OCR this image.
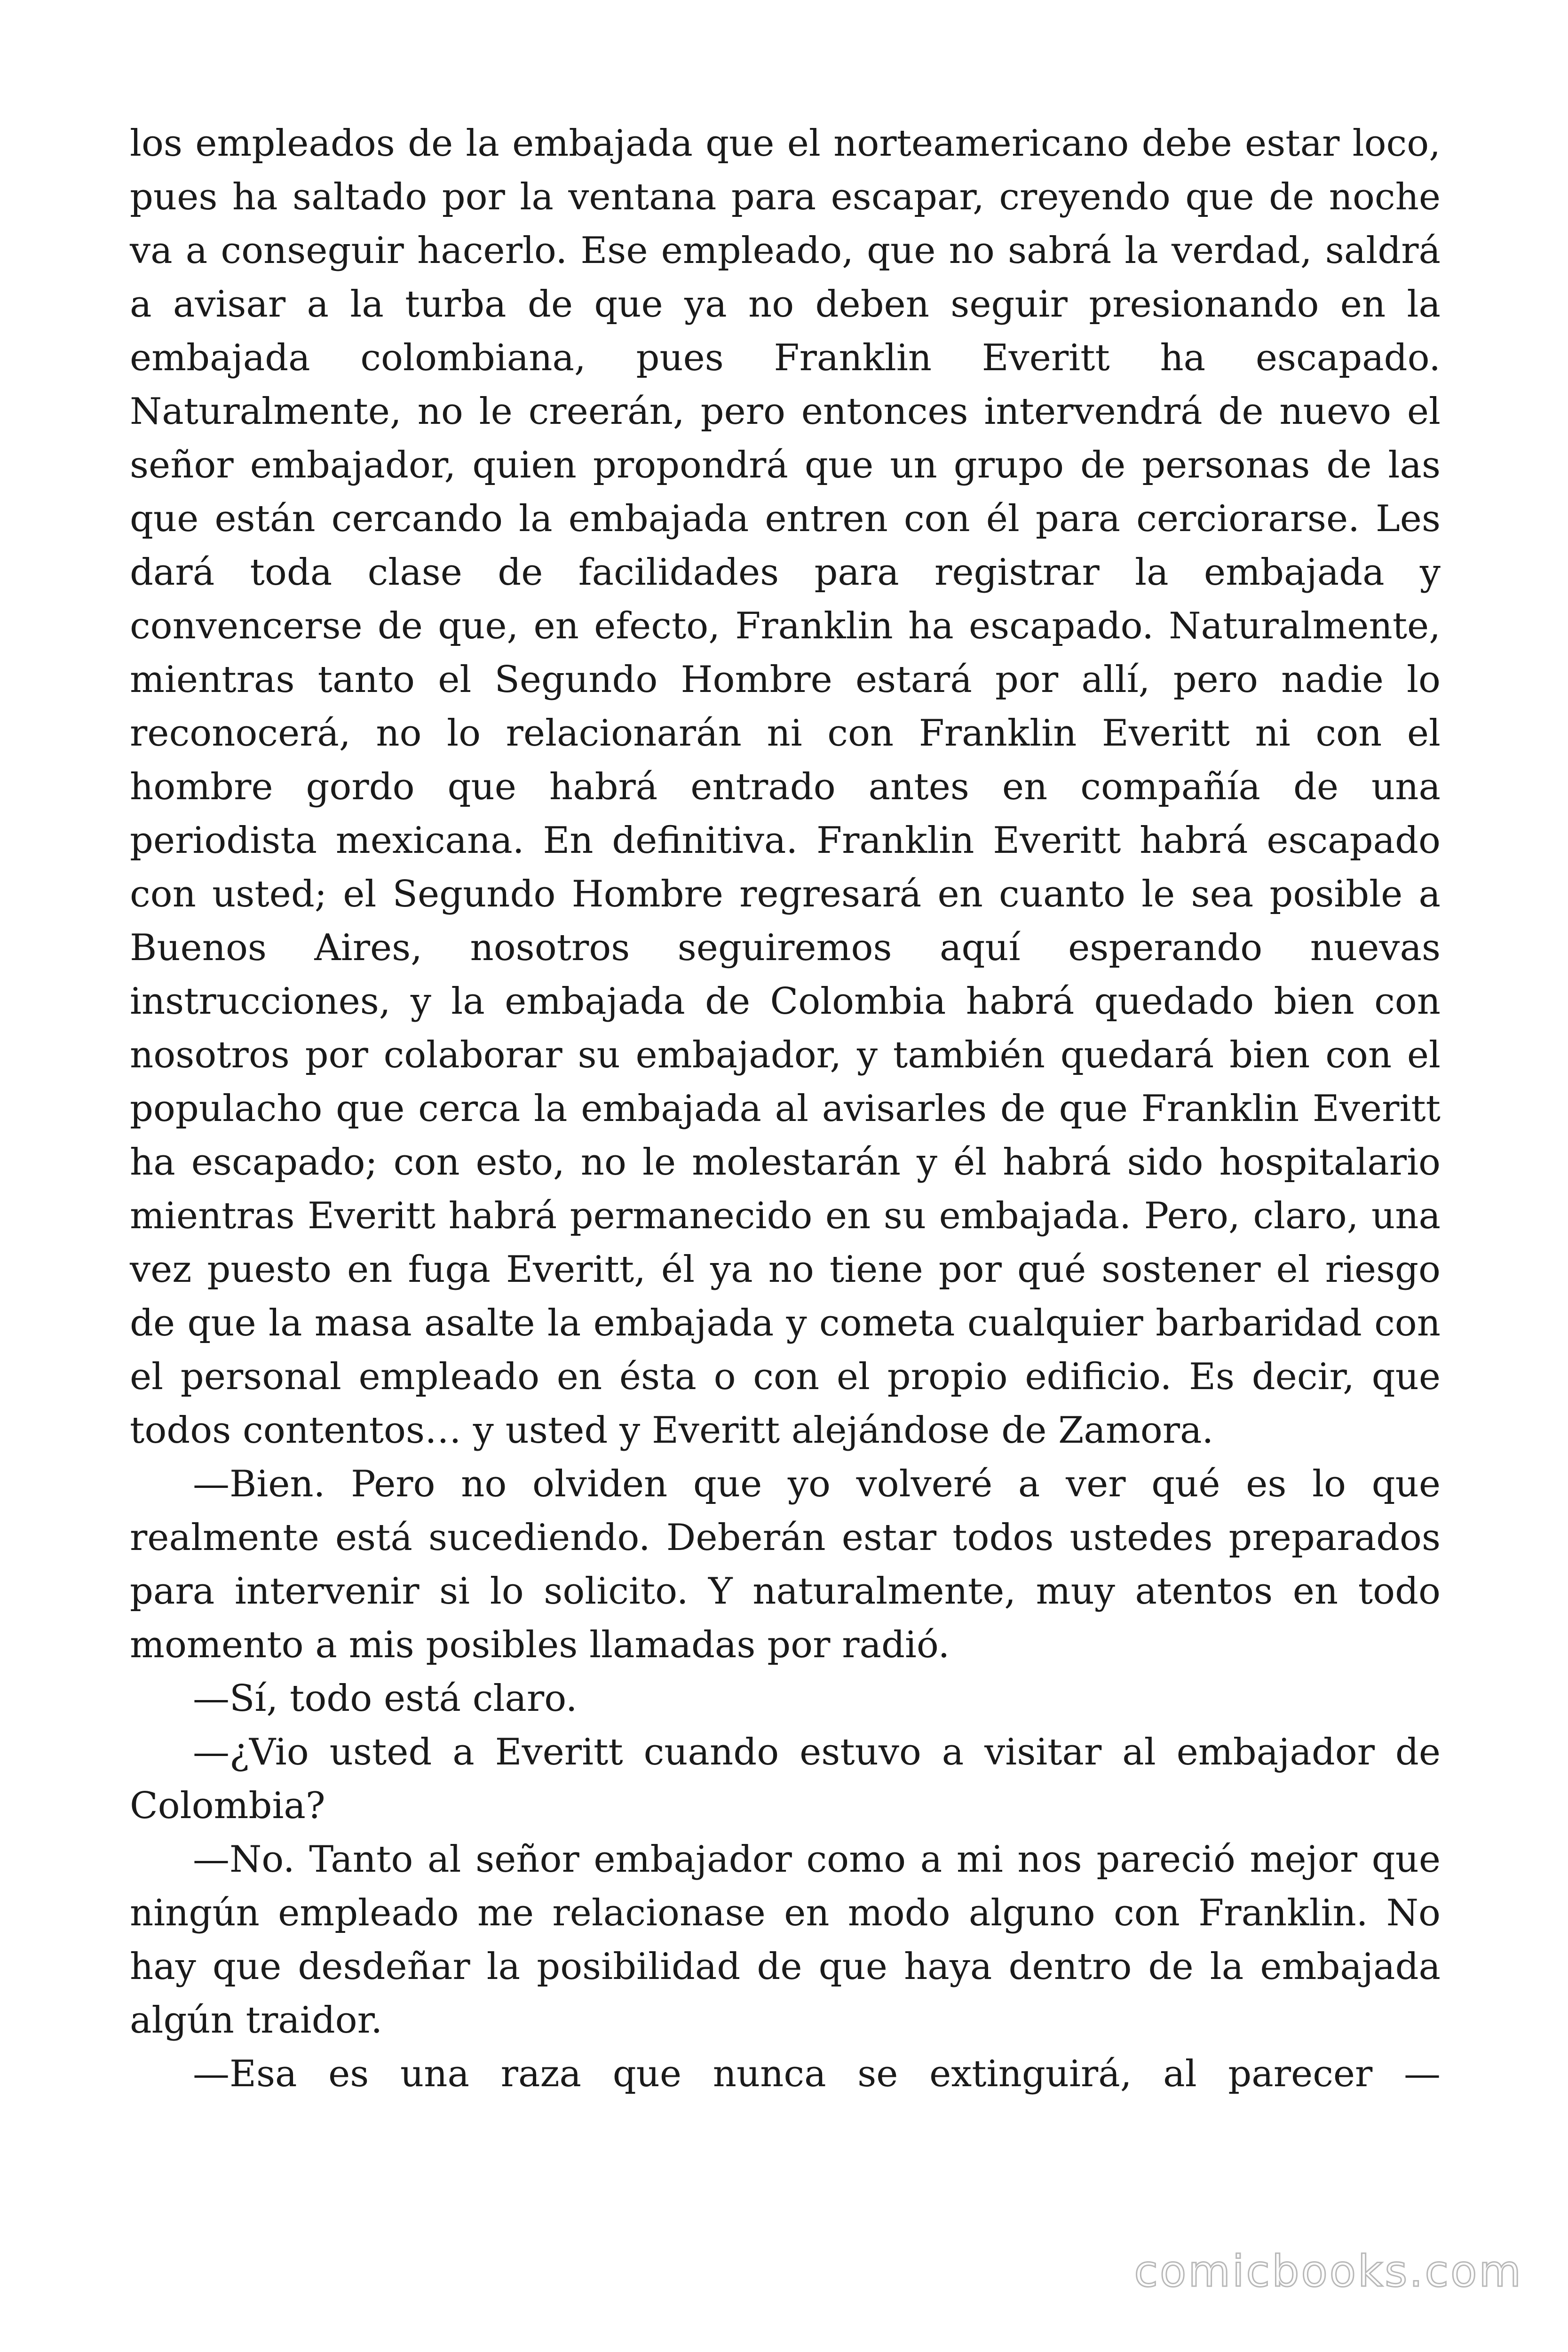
los empleados de la embajada que el norteamericano debe estar loco, pues ha saltado por la ventana para escapar, creyendo que de noche va a conseguir hacerlo. Ese empleado, que no sabrá la verdad, saldrá a avisar a la turba de que ya no deben seguir presionando en la embajada colombiana, pues Franklin Everitt ha escapado. Naturalmente, no le creerán, pero entonces intervendrá de nuevo el señor embajador, quien propondrá que un grupo de personas de las que están cercando la embajada entren con él para cerciorarse. Les dará toda clase de facilidades para registrar la embajada y convencerse de que, en efecto, Franklin ha escapado. Naturalmente, mientras tanto el Segundo Hombre estará por allí, pero nadie lo reconocerá, no lo relacionarán ni con Franklin Everitt ni con el hombre gordo que habrá entrado antes en compañía de una periodista mexicana. En definitiva. Franklin Everitt habrá escapado con usted; el Segundo Hombre regresará en cuanto le sea posible a Buenos Aires, nosotros seguiremos aquí esperando nuevas instrucciones, y la embajada de Colombia habrá quedado bien con nosotros por colaborar su embajador, y también quedará bien con el populacho que cerca la embajada al avisarles de que Franklin Everitt ha escapado; con esto, no le molestarán y él habrá sido hospitalario mientras Everitt habrá permanecido en su embajada. Pero, claro, una vez puesto en fuga Everitt, él ya no tiene por qué sostener el riesgo de que la masa asalte la embajada y cometa cualquier barbaridad con el personal empleado en ésta o con el propio edificio. Es decir, que todos contentos… y usted y Everitt alejándose de Zamora.

—Bien. Pero no olviden que yo volveré a ver qué es lo que realmente está sucediendo. Deberán estar todos ustedes preparados para intervenir si lo solicito. Y naturalmente, muy atentos en todo momento a mis posibles llamadas por radió.

—Sí, todo está claro.

—¿Vio usted a Everitt cuando estuvo a visitar al embajador de Colombia?

—No. Tanto al señor embajador como a mi nos pareció mejor que ningún empleado me relacionase en modo alguno con Franklin. No hay que desdeñar la posibilidad de que haya dentro de la embajada algún traidor.

—Esa es una raza que nunca se extinguirá, al parecer —

comicbooks.com
